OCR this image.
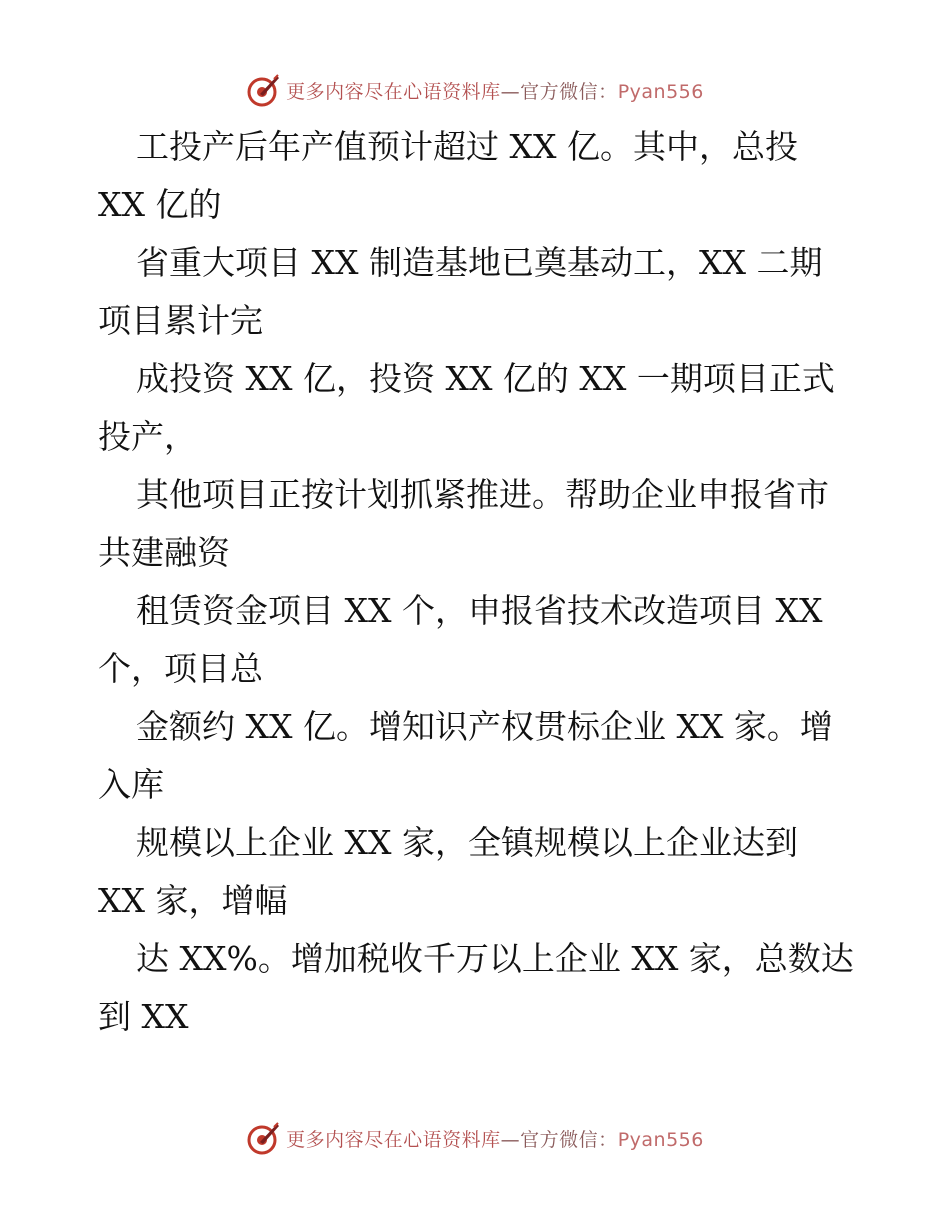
更多内容尽在心语资料库—官方微信：Pyan556

工投产后年产值预计超过 XX 亿。其中，总投

XX 亿的

省重大项目 XX 制造基地已奠基动工，XX 二期

项目累计完

成投资 XX 亿，投资 XX 亿的 XX 一期项目正式

投产，

其他项目正按计划抓紧推进。帮助企业申报省市

共建融资

租赁资金项目 XX 个，申报省技术改造项目 XX

个，项目总

金额约 XX 亿。增知识产权贯标企业 XX 家。增

入库

规模以上企业 XX 家，全镇规模以上企业达到

XX 家，增幅

达 XX%。增加税收千万以上企业 XX 家，总数达

到 XX

更多内容尽在心语资料库—官方微信：Pyan556
